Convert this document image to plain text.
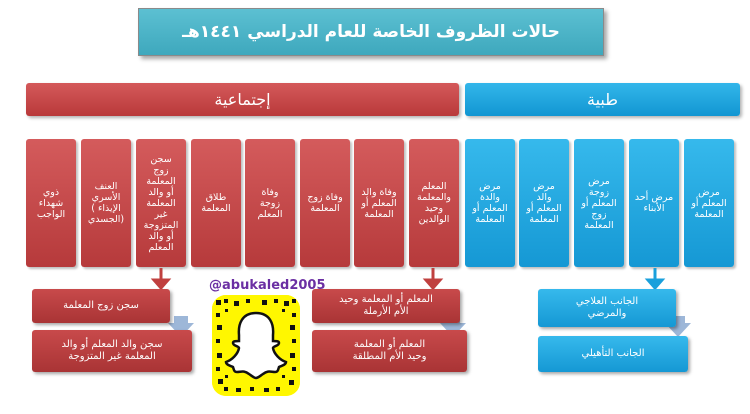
حالات الظروف الخاصة للعام الدراسي ١٤٤١هـ
إجتماعية	طبية
ذوي
شهداء
الواجب
العنف
الأسري
( الإيذاء
الجسدي)
سجن
زوج
المعلمة
أو والد
المعلمة
غير
المتزوجة
أو والد
المعلم
طلاق
المعلمة
وفاة
زوجة
المعلم
وفاة زوج
المعلمة
وفاة والد
المعلم أو
المعلمة
المعلم
والمعلمة
وحيد
الوالدين
مرض
والدة
المعلم أو
المعلمة
مرض
والد
المعلم أو
المعلمة
مرض
زوجة
المعلم أو
زوج
المعلمة
مرض أحد
الأبناء
مرض
المعلم أو
المعلمة
سجن زوج المعلمة
سجن والد المعلم أو والد
المعلمة غير المتزوجة
المعلم أو المعلمة وحيد
الأم الأرملة
المعلم أو المعلمة
وحيد الأم المطلقة
الجانب العلاجي
والمرضي
الجانب التأهيلي
@abukaled2005
